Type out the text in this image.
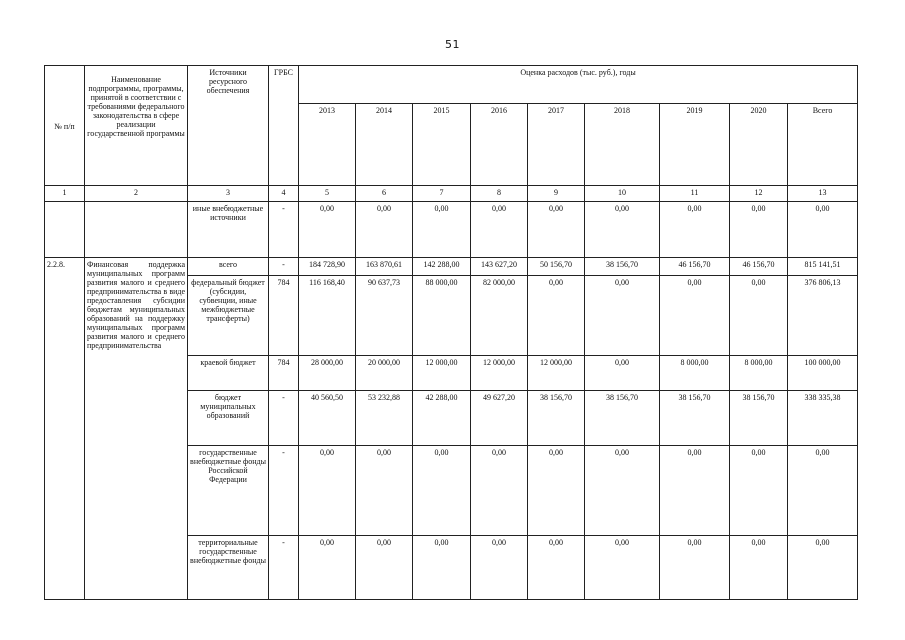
51
№ п/п	Наименование подпрограммы, программы, принятой в соответствии с требованиями федерального законодательства в сфере реализации государственной программы	Источники ресурсного обеспечения	ГРБС	Оценка расходов (тыс. руб.), годы								
				2013	2014	2015	2016	2017	2018	2019	2020	Всего
1	2	3	4	5	6	7	8	9	10	11	12	13
		иные внебюджетные источники	-	0,00	0,00	0,00	0,00	0,00	0,00	0,00	0,00	0,00
2.2.8.	Финансовая поддержка муниципальных программ развития малого и среднего предпринимательства в виде предоставления субсидии бюджетам муниципальных образований на поддержку муниципальных программ развития малого и среднего предпринимательства	всего	-	184 728,90	163 870,61	142 288,00	143 627,20	50 156,70	38 156,70	46 156,70	46 156,70	815 141,51
		федеральный бюджет (субсидии, субвенции, иные межбюджетные трансферты)	784	116 168,40	90 637,73	88 000,00	82 000,00	0,00	0,00	0,00	0,00	376 806,13
		краевой бюджет	784	28 000,00	20 000,00	12 000,00	12 000,00	12 000,00	0,00	8 000,00	8 000,00	100 000,00
		бюджет муниципальных образований	-	40 560,50	53 232,88	42 288,00	49 627,20	38 156,70	38 156,70	38 156,70	38 156,70	338 335,38
		государственные внебюджетные фонды Российской Федерации	-	0,00	0,00	0,00	0,00	0,00	0,00	0,00	0,00	0,00
		территориальные государственные внебюджетные фонды	-	0,00	0,00	0,00	0,00	0,00	0,00	0,00	0,00	0,00
